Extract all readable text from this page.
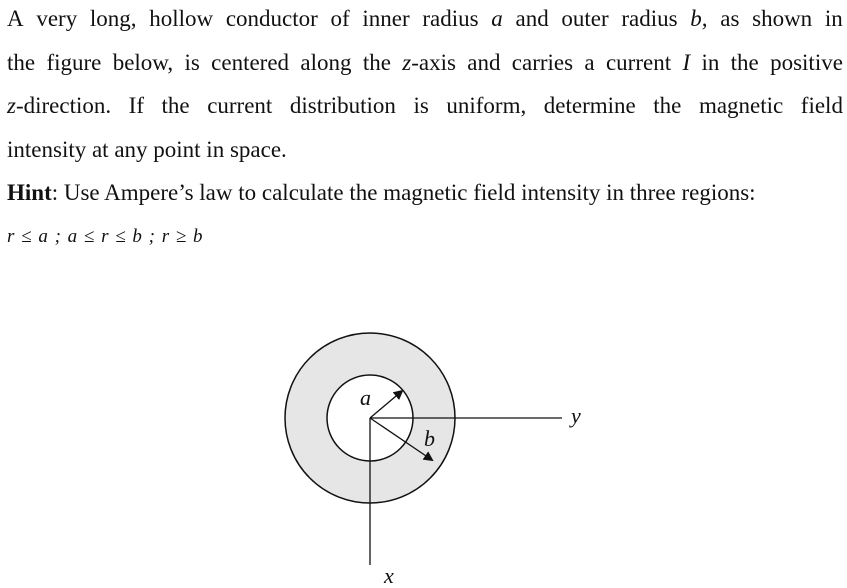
A very long, hollow conductor of inner radius a and outer radius b, as shown in
the figure below, is centered along the z-axis and carries a current I in the positive
z-direction. If the current distribution is uniform, determine the magnetic field
intensity at any point in space.
Hint: Use Ampere’s law to calculate the magnetic field intensity in three regions:
r ≤ a ; a ≤ r ≤ b ; r ≥ b
a
b
y
x
